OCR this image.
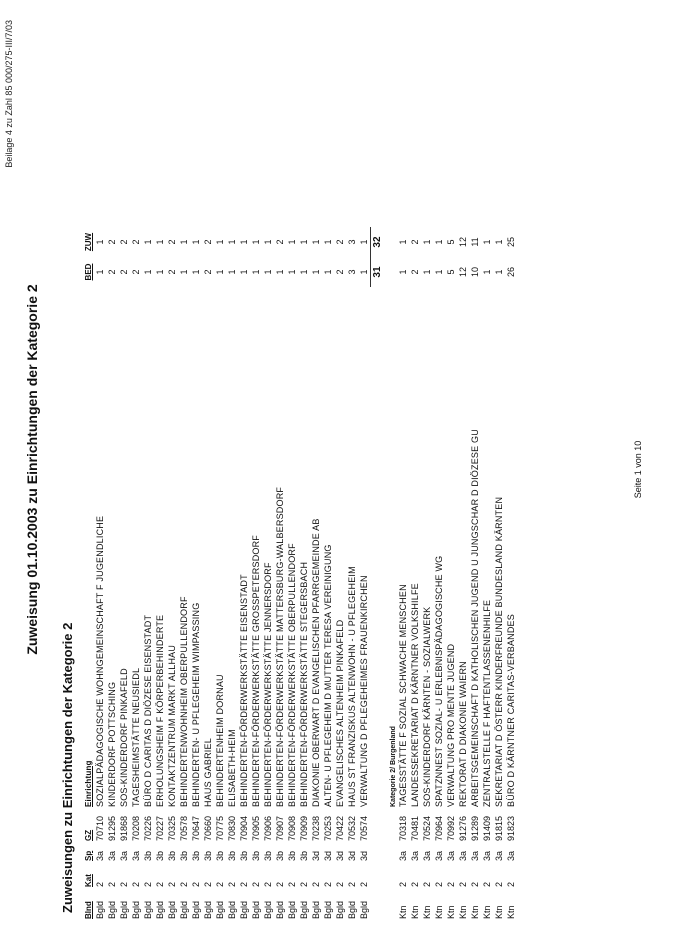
Beilage 4 zu Zahl 85 000/275-III/7/03
Zuweisung 01.10.2003 zu Einrichtungen der Kategorie 2
Zuweisungen zu Einrichtungen der Kategorie 2 Blnd
Kat
Sp
GZ
Einrichtung
BED
ZUW
Bgld
2
3a
70710
SOZIALPÄDAGOGISCHE WOHNGEMEINSCHAFT F JUGENDLICHE
1
1
Bgld
2
3a
91295
KINDERDORF POTTSCHING
2
2
Bgld
2
3a
91868
SOS-KINDERDORF PINKAFELD
2
2
Bgld
2
3a
70208
TAGESHEIMSTÄTTE NEUSIEDL
2
2
Bgld
2
3b
70226
BÜRO D CARITAS D DIÖZESE EISENSTADT
1
1
Bgld
2
3b
70227
ERHOLUNGSHEIM F KÖRPERBEHINDERTE
1
1
Bgld
2
3b
70325
KONTAKTZENTRUM MARKT ALLHAU
2
2
Bgld
2
3b
70578
BEHINDERTENWOHNHEIM OBERPULLENDORF
1
1
Bgld
2
3b
70647
BEHINDERTEN- U PFLEGEHEIM WIMPASSING
1
1
Bgld
2
3b
70660
HAUS GABRIEL
2
2
Bgld
2
3b
70775
BEHINDERTENHEIM DORNAU
1
1
Bgld
2
3b
70830
ELISABETH-HEIM
1
1
Bgld
2
3b
70904
BEHINDERTEN-FÖRDERWERKSTÄTTE EISENSTADT
1
1
Bgld
2
3b
70905
BEHINDERTEN-FÖRDERWERKSTÄTTE GROSSPETERSDORF
1
1
Bgld
2
3b
70906
BEHINDERTEN-FÖRDERWERKSTÄTTE JENNERSDORF
1
1
Bgld
2
3b
70907
BEHINDERTEN-FÖRDERWERKSTÄTTE MATTERSBURG-WALBERSDORF
1
2
Bgld
2
3b
70908
BEHINDERTEN-FÖRDERWERKSTÄTTE OBERPULLENDORF
1
1
Bgld
2
3b
70909
BEHINDERTEN-FÖRDERWERKSTÄTTE STEGERSBACH
1
1
Bgld
2
3d
70238
DIAKONIE OBERWART D EVANGELISCHEN PFARRGEMEINDE AB
1
1
Bgld
2
3d
70253
ALTEN- U PFLEGEHEIM D MUTTER TERESA VEREINIGUNG
1
1
Bgld
2
3d
70422
EVANGELISCHES ALTENHEIM PINKAFELD
2
2
Bgld
2
3d
70532
HAUS ST FRANZISKUS ALTENWOHN - U PFLEGEHEIM
3
3
Bgld
2
3d
70574
VERWALTUNG D PFLEGEHEIMES FRAUENKIRCHEN
1
1
31
32
Kategorie 2/ Burgenland
Ktn
2
3a
70318
TAGESSTÄTTE F SOZIAL SCHWACHE MENSCHEN
1
1
Ktn
2
3a
70481
LANDESSEKRETARIAT D KÄRNTNER VOLKSHILFE
2
2
Ktn
2
3a
70524
SOS-KINDERDORF KÄRNTEN - SOZIALWERK
1
1
Ktn
2
3a
70964
SPATZNNEST SOZIAL- U ERLEBNISPÄDAGOGISCHE WG
1
1
Ktn
2
3a
70992
VERWALTUNG PRO MENTE JUGEND
5
5
Ktn
2
3a
91276
REKTORAT D DIAKONIE WAIERN
12
12
Ktn
2
3a
91289
ARBEITSGEMEINSCHAFT D KATHOLISCHEN JUGEND U JUNGSCHAR D DIÖZESE GU
10
11
Ktn
2
3a
91409
ZENTRALSTELLE F HAFTENTLASSENENHILFE
1
1
Ktn
2
3a
91815
SEKRETARIAT D ÖSTERR KINDERFREUNDE BUNDESLAND KÄRNTEN
1
1
Ktn
2
3a
91823
BÜRO D KÄRNTNER CARITAS-VERBANDES
26
25
Seite 1 von 10
